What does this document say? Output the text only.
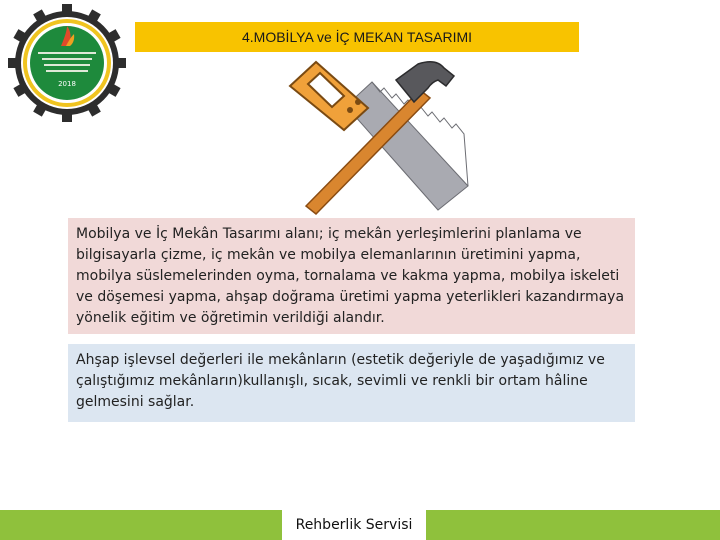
2018
4.MOBİLYA ve İÇ MEKAN TASARIMI

Mobilya ve İç Mekân Tasarımı alanı; iç mekân yerleşimlerini planlama ve bilgisayarla çizme, iç mekân ve mobilya elemanlarının üretimini yapma, mobilya süslemelerinden oyma, tornalama ve kakma yapma, mobilya iskeleti ve döşemesi yapma, ahşap doğrama üretimi yapma yeterlikleri kazandırmaya yönelik eğitim ve öğretimin verildiği alandır.

Ahşap işlevsel değerleri ile mekânların (estetik değeriyle de yaşadığımız ve çalıştığımız mekânların)kullanışlı, sıcak, sevimli ve renkli bir ortam hâline gelmesini sağlar.

Rehberlik Servisi
